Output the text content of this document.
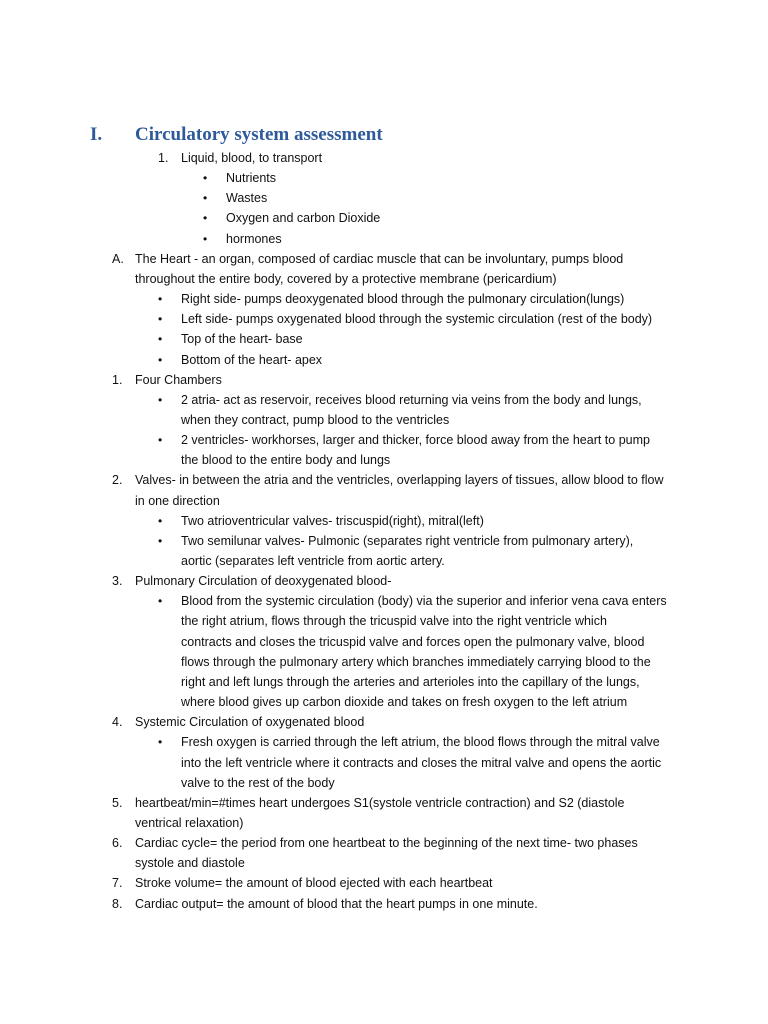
I. Circulatory system assessment
1. Liquid, blood, to transport
• Nutrients
• Wastes
• Oxygen and carbon Dioxide
• hormones
A. The Heart - an organ, composed of cardiac muscle that can be involuntary, pumps blood
throughout the entire body, covered by a protective membrane (pericardium)
• Right side- pumps deoxygenated blood through the pulmonary circulation(lungs)
• Left side- pumps oxygenated blood through the systemic circulation (rest of the body)
• Top of the heart- base
• Bottom of the heart- apex
1. Four Chambers
• 2 atria- act as reservoir, receives blood returning via veins from the body and lungs,
when they contract, pump blood to the ventricles
• 2 ventricles- workhorses, larger and thicker, force blood away from the heart to pump
the blood to the entire body and lungs
2. Valves- in between the atria and the ventricles, overlapping layers of tissues, allow blood to flow
in one direction
• Two atrioventricular valves- triscuspid(right), mitral(left)
• Two semilunar valves- Pulmonic (separates right ventricle from pulmonary artery),
aortic (separates left ventricle from aortic artery.
3. Pulmonary Circulation of deoxygenated blood-
• Blood from the systemic circulation (body) via the superior and inferior vena cava enters
the right atrium, flows through the tricuspid valve into the right ventricle which
contracts and closes the tricuspid valve and forces open the pulmonary valve, blood
flows through the pulmonary artery which branches immediately carrying blood to the
right and left lungs through the arteries and arterioles into the capillary of the lungs,
where blood gives up carbon dioxide and takes on fresh oxygen to the left atrium
4. Systemic Circulation of oxygenated blood
• Fresh oxygen is carried through the left atrium, the blood flows through the mitral valve
into the left ventricle where it contracts and closes the mitral valve and opens the aortic
valve to the rest of the body
5. heartbeat/min=#times heart undergoes S1(systole ventricle contraction) and S2 (diastole
ventrical relaxation)
6. Cardiac cycle= the period from one heartbeat to the beginning of the next time- two phases
systole and diastole
7. Stroke volume= the amount of blood ejected with each heartbeat
8. Cardiac output= the amount of blood that the heart pumps in one minute.
